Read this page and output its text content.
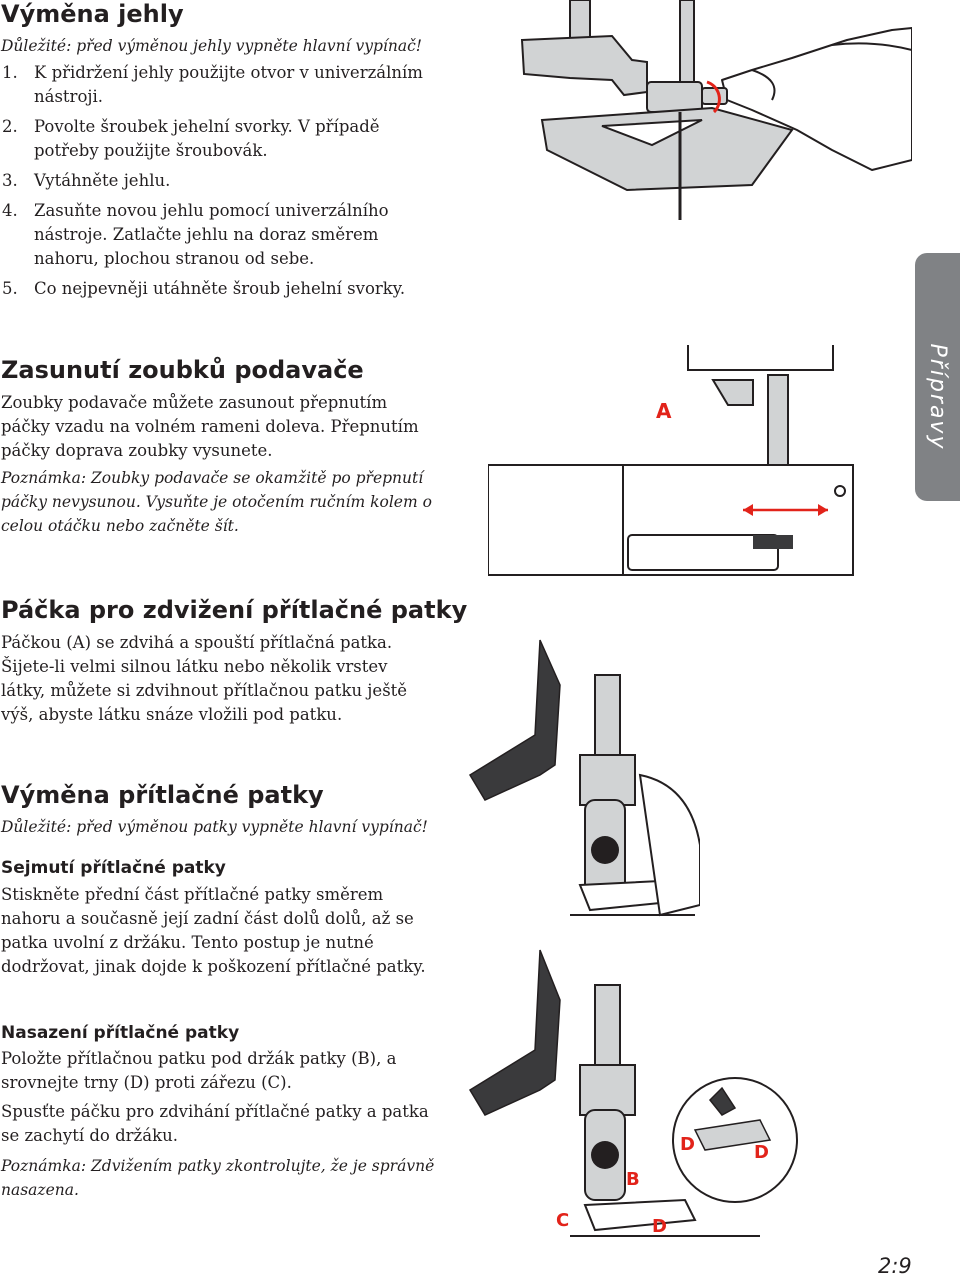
Výměna jehly
Důležité: před výměnou jehly vypněte hlavní vypínač!
1. K přidržení jehly použijte otvor v univerzálním nástroji.
2. Povolte šroubek jehelní svorky. V případě potřeby použijte šroubovák.
3. Vytáhněte jehlu.
4. Zasuňte novou jehlu pomocí univerzálního nástroje. Zatlačte jehlu na doraz směrem nahoru, plochou stranou od sebe.
5. Co nejpevněji utáhněte šroub jehelní svorky.
Zasunutí zoubků podavače
Zoubky podavače můžete zasunout přepnutím páčky vzadu na volném rameni doleva. Přepnutím páčky doprava zoubky vysunete.
Poznámka: Zoubky podavače se okamžitě po přepnutí páčky nevysunou. Vysuňte je otočením ručním kolem o celou otáčku nebo začněte šít.
A
Páčka pro zdvižení přítlačné patky
Páčkou (A) se zdvihá a spouští přítlačná patka. Šijete-li velmi silnou látku nebo několik vrstev látky, můžete si zdvihnout přítlačnou patku ještě výš, abyste látku snáze vložili pod patku.
Výměna přítlačné patky
Důležité: před výměnou patky vypněte hlavní vypínač!
Sejmutí přítlačné patky
Stiskněte přední část přítlačné patky směrem nahoru a současně její zadní část dolů dolů, až se patka uvolní z držáku. Tento postup je nutné dodržovat, jinak dojde k poškození přítlačné patky.
Nasazení přítlačné patky
Položte přítlačnou patku pod držák patky (B), a srovnejte trny (D) proti zářezu (C).
Spusťte páčku pro zdvihání přítlačné patky a patka se zachytí do držáku.
Poznámka: Zdvižením patky zkontrolujte, že je správně nasazena.
D	D
B
C	D
Přípravy
2:9
